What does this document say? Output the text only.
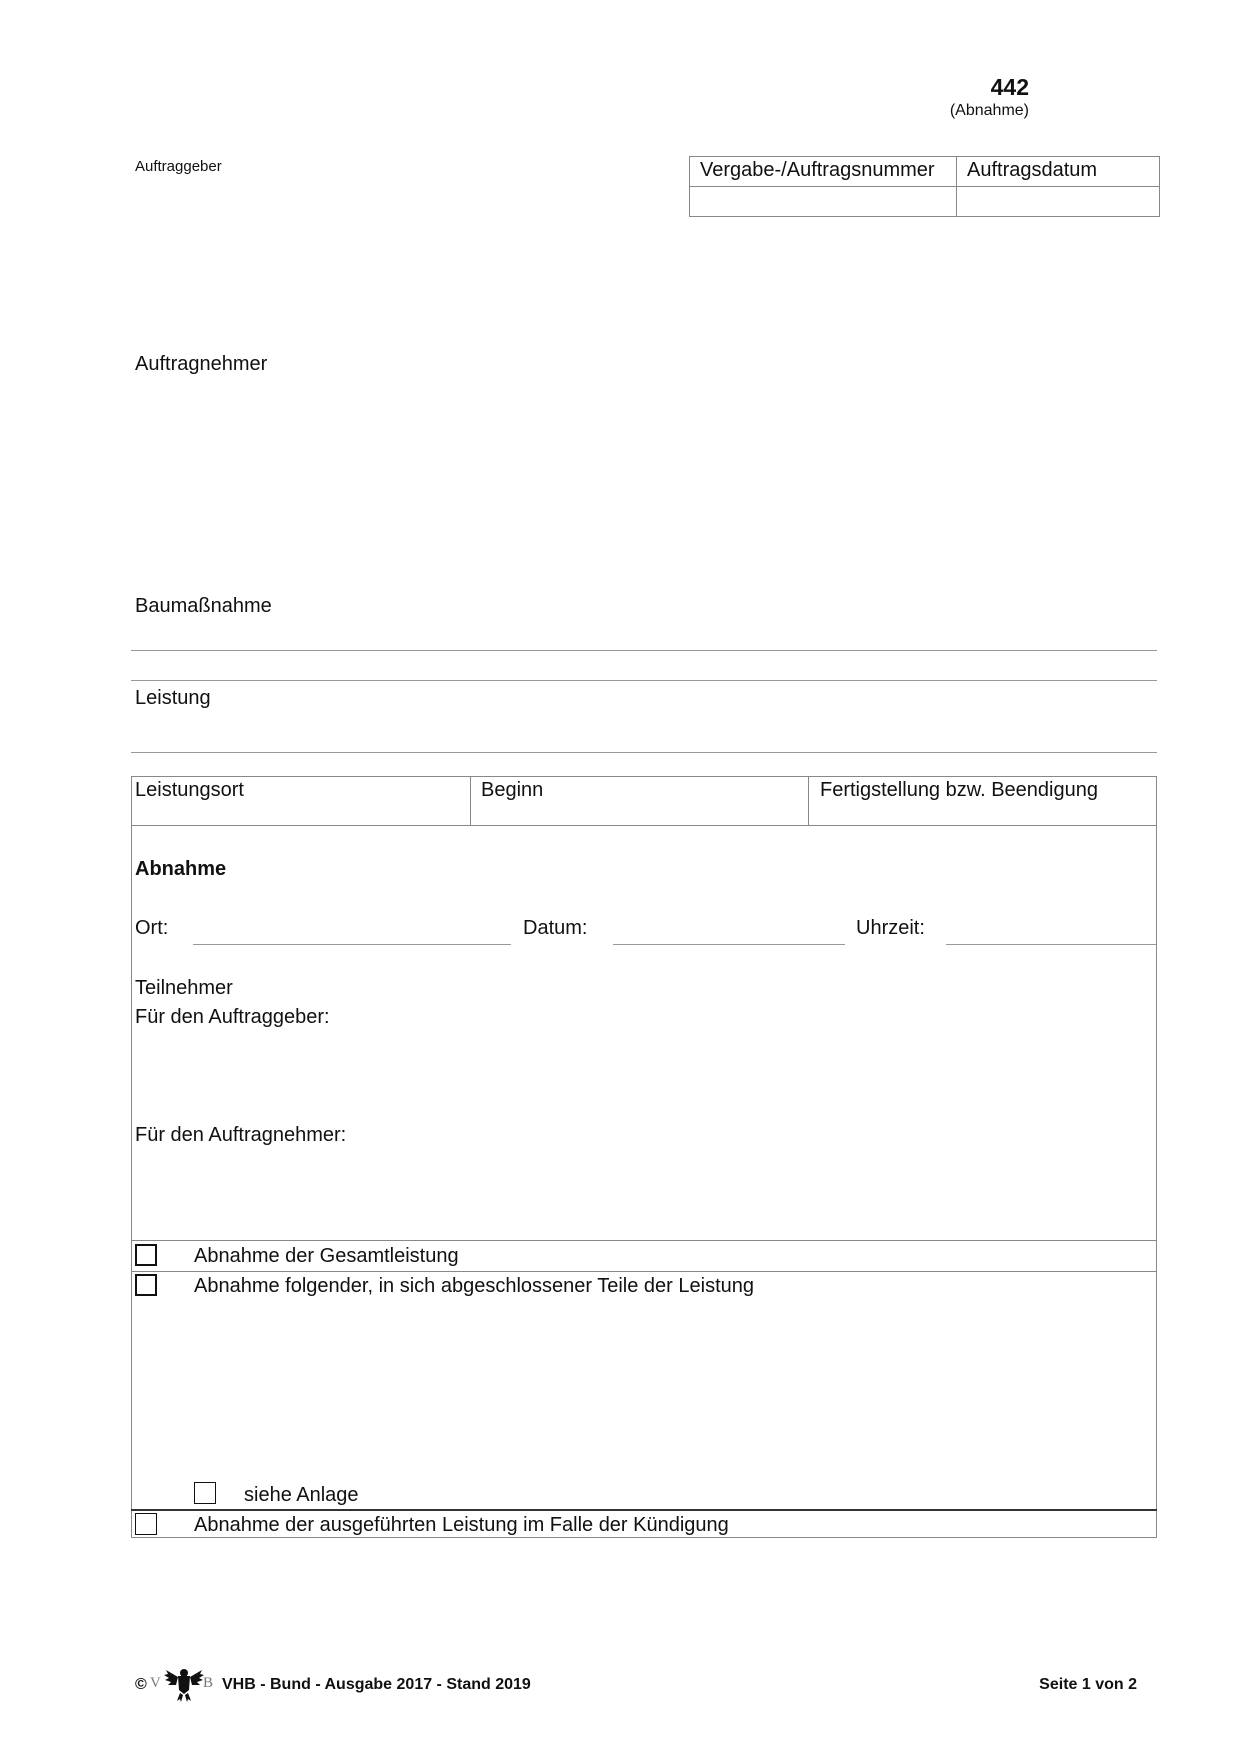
442
(Abnahme)
Auftraggeber	Vergabe-/Auftragsnummer	Auftragsdatum

Auftragnehmer
Baumaßnahme
Leistung
Leistungsort	Beginn	Fertigstellung bzw. Beendigung
Abnahme
Ort:	Datum:	Uhrzeit:
Teilnehmer
Für den Auftraggeber:
Für den Auftragnehmer:
Abnahme der Gesamtleistung
Abnahme folgender, in sich abgeschlossener Teile der Leistung
siehe Anlage
Abnahme der ausgeführten Leistung im Falle der Kündigung
© V	B VHB - Bund - Ausgabe 2017 - Stand 2019	Seite 1 von 2
